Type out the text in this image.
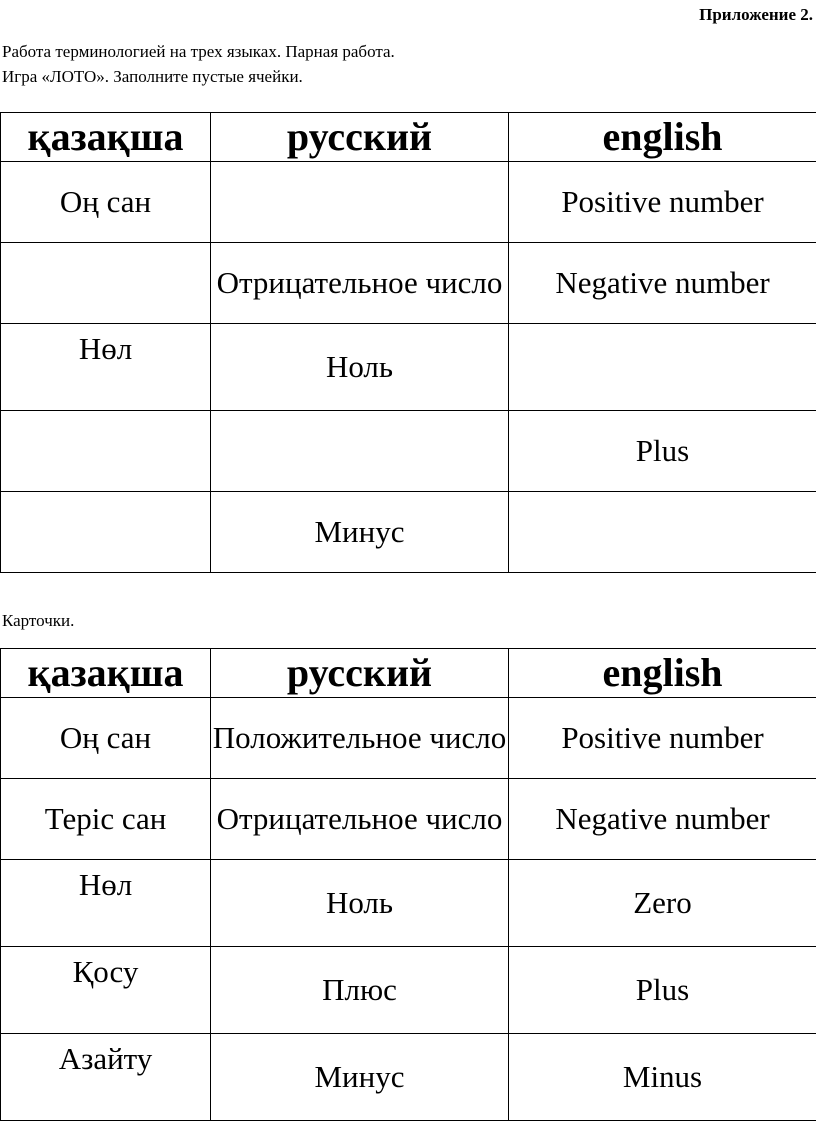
Приложение 2.
Работа терминологией на трех языках. Парная работа.
Игра «ЛОТО». Заполните пустые ячейки.
қазақша	русский	english
Оң сан		Positive number
	Отрицательное число	Negative number
Нөл	Ноль	
		Plus
	Минус	
Карточки.
қазақша	русский	english
Оң сан	Положительное число	Positive number
Теріс сан	Отрицательное число	Negative number
Нөл	Ноль	Zero
Қосу	Плюс	Plus
Азайту	Минус	Minus
